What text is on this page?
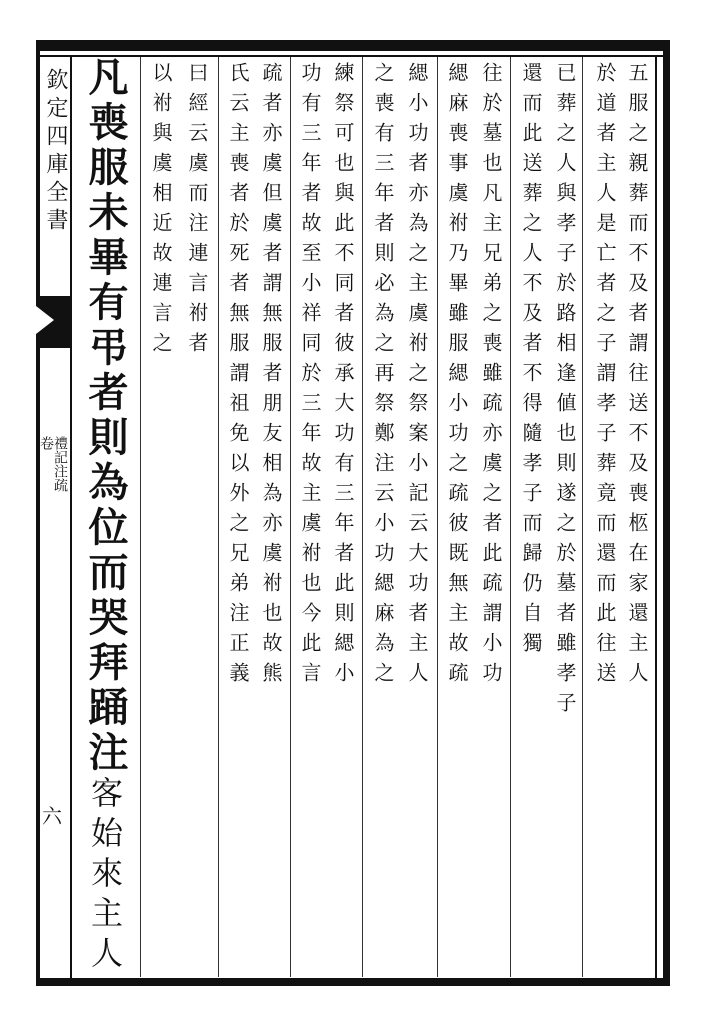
欽定四庫全書
禮記注疏
卷
六
五服之親葬而不及者謂往送不及喪柩在家還主人
於道者主人是亡者之子謂孝子葬竟而還而此往送
已葬之人與孝子於路相逢値也則遂之於墓者雖孝子
還而此送葬之人不及者不得隨孝子而歸仍自獨
往於墓也凡主兄弟之喪雖疏亦虞之者此疏謂小功
緦麻喪事虞祔乃畢雖服緦小功之疏彼既無主故疏
緦小功者亦為之主虞祔之祭案小記云大功者主人
之喪有三年者則必為之再祭鄭注云小功緦麻為之
練祭可也與此不同者彼承大功有三年者此則緦小
功有三年者故至小祥同於三年故主虞祔也今此言
疏者亦虞但虞者謂無服者朋友相為亦虞祔也故熊
氏云主喪者於死者無服謂祖免以外之兄弟注正義
曰經云虞而注連言祔者
以祔與虞相近故連言之
凡喪服未畢有弔者則為位而哭拜踊注客始來主人
